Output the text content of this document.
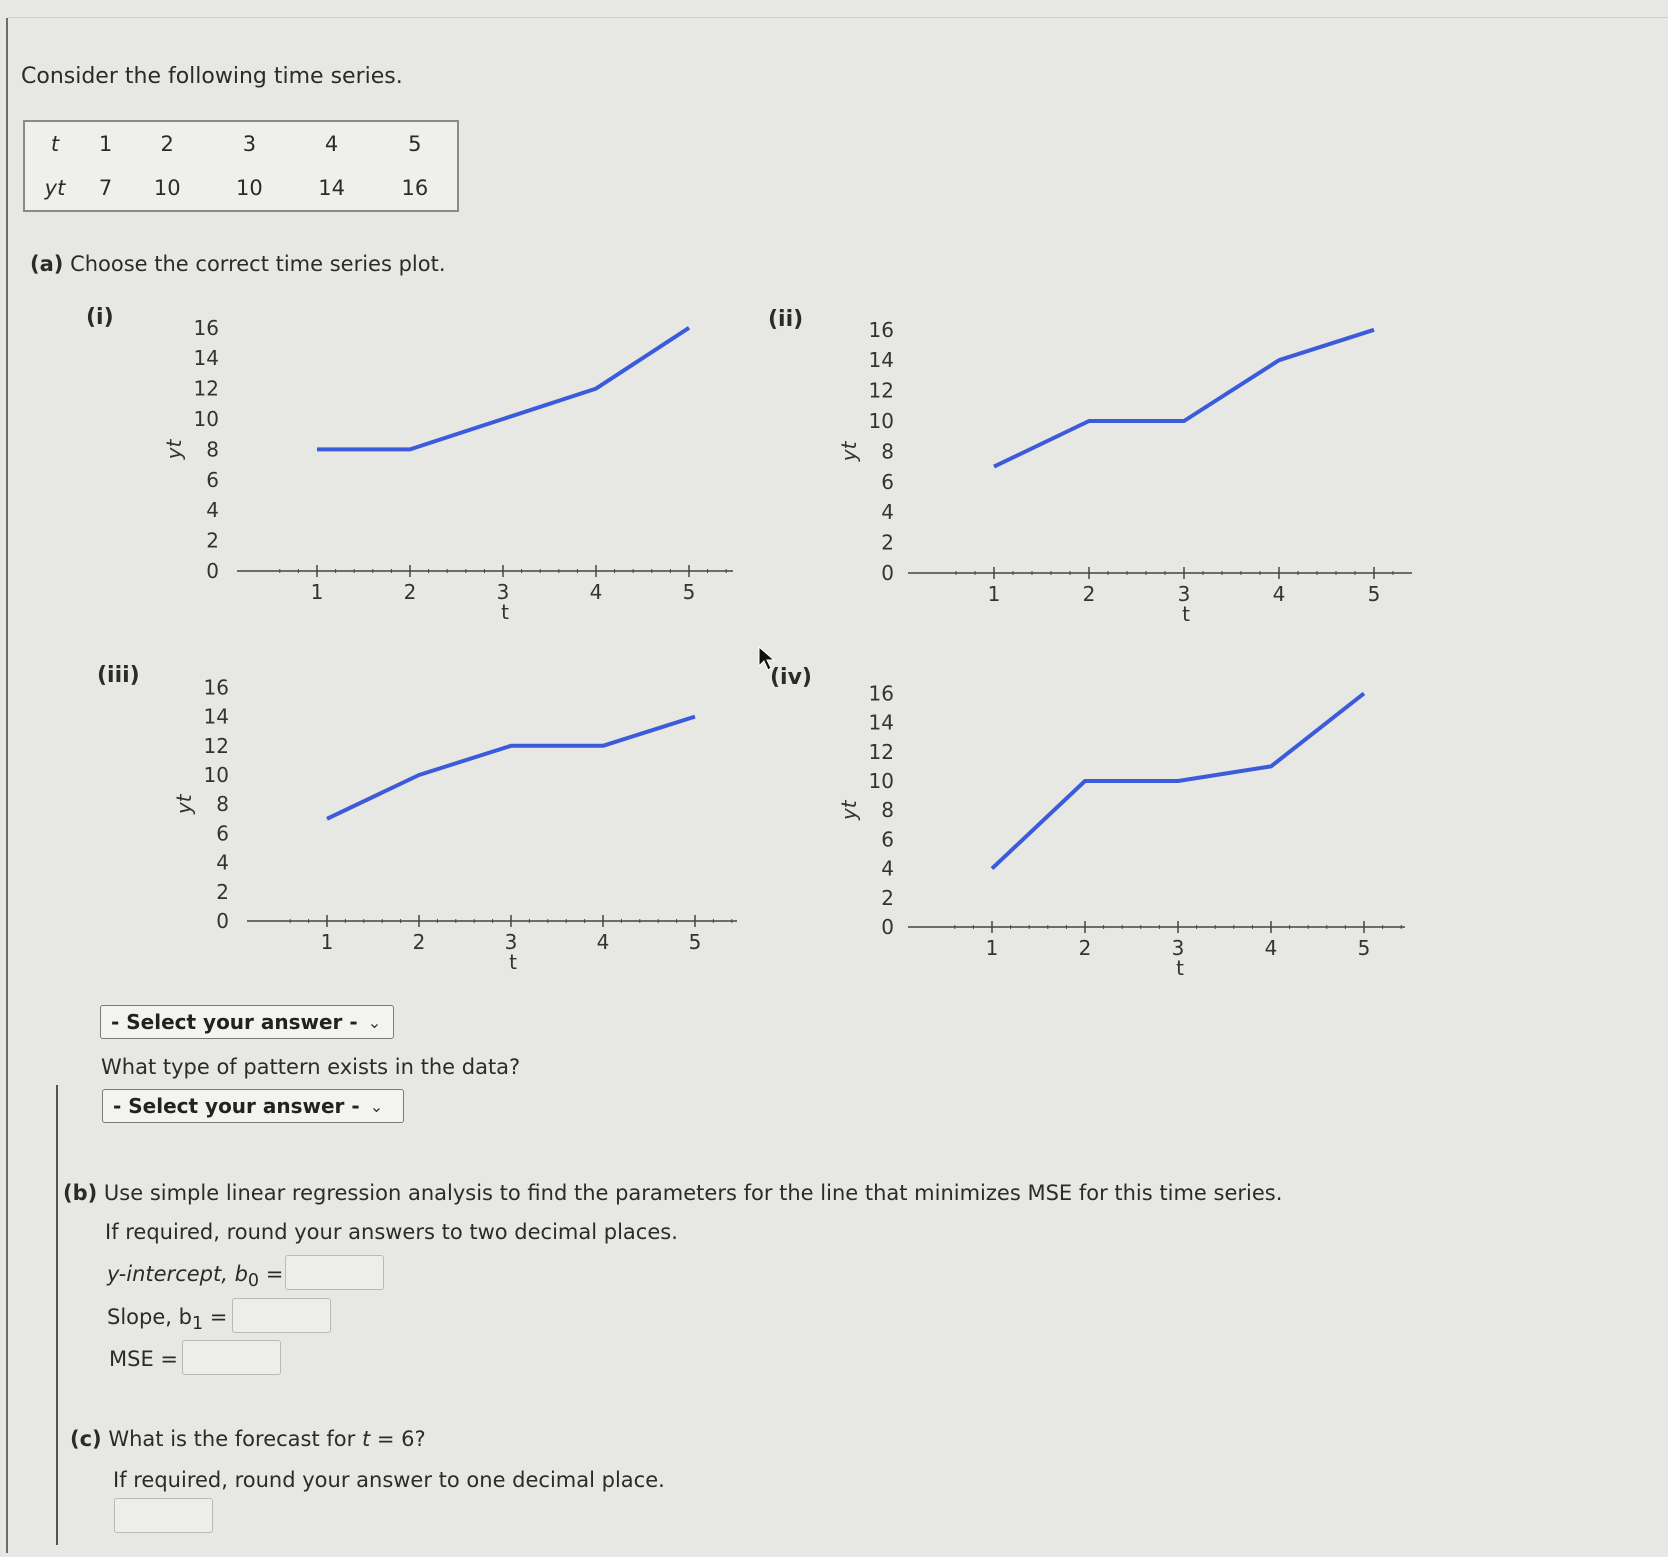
Consider the following time series.
t	1	2	3	4	5
yt	7	10	10	14	16
(a) Choose the correct time series plot.
(i)	(ii)
(iii)	(iv)
1	2	3	4	5
t
0
2
4
6
8
10
12
14
16
yt
1	2	3	4	5
t
0
2
4
6
8
10
12
14
16
yt
1	2	3	4	5
t
0
2
4
6
8
10
12
14
16
yt
1	2	3	4	5
t
0
2
4
6
8
10
12
14
16
yt
- Select your answer - ⌄
What type of pattern exists in the data?
- Select your answer - ⌄
(b) Use simple linear regression analysis to find the parameters for the line that minimizes MSE for this time series.
If required, round your answers to two decimal places.
y-intercept, $b_0$ =
Slope, $b_1$ =
MSE =
(c) What is the forecast for t = 6?
If required, round your answer to one decimal place.
